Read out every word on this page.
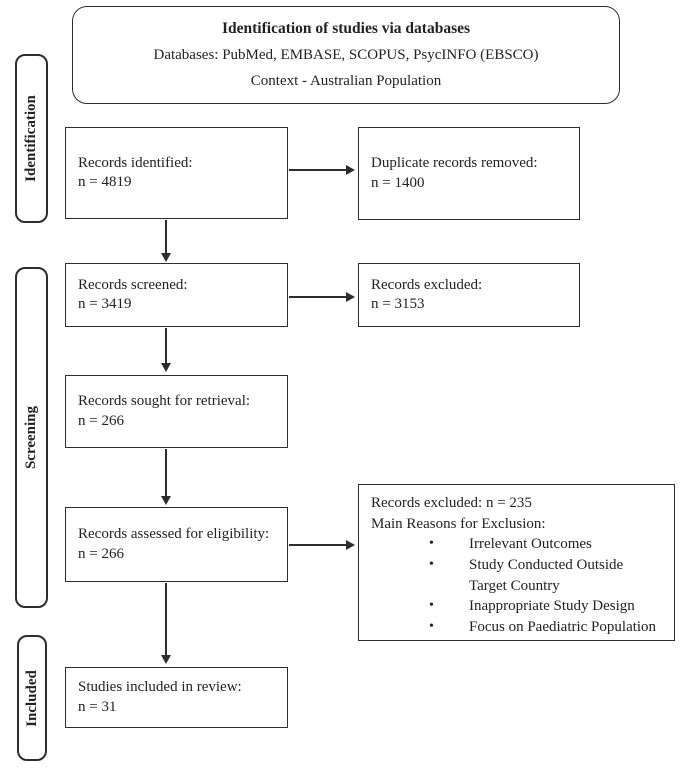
Identification of studies via databases
Databases: PubMed, EMBASE, SCOPUS, PsycINFO (EBSCO)
Context - Australian Population
Identification
Screening
Included
Records identified:
n = 4819
Duplicate records removed:
n = 1400
Records screened:
n = 3419
Records excluded:
n = 3153
Records sought for retrieval:
n = 266
Records assessed for eligibility:
n = 266
Records excluded: n = 235
Main Reasons for Exclusion:
•	Irrelevant Outcomes
•	Study Conducted Outside Target Country
•	Inappropriate Study Design
•	Focus on Paediatric Population
Studies included in review:
n = 31
